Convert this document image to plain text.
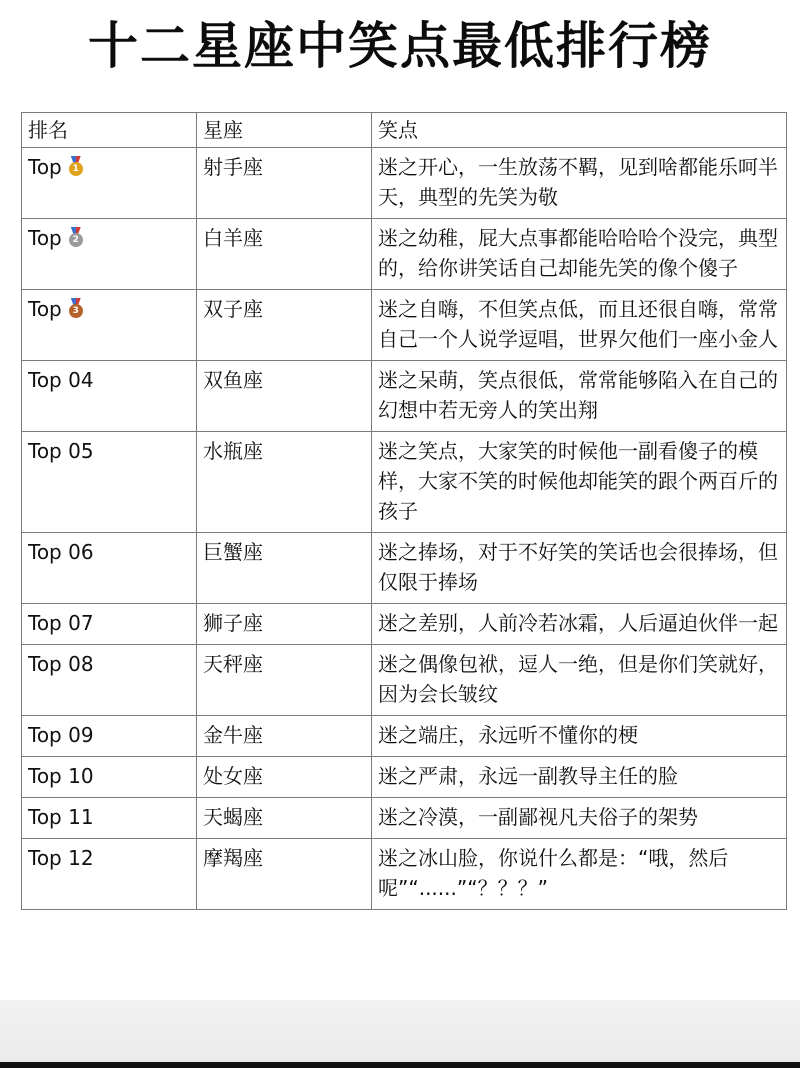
十二星座中笑点最低排行榜
排名	星座	笑点
Top 1	射手座	迷之开心，一生放荡不羁，见到啥都能乐呵半天，典型的先笑为敬
Top 2	白羊座	迷之幼稚，屁大点事都能哈哈哈个没完，典型的，给你讲笑话自己却能先笑的像个傻子
Top 3	双子座	迷之自嗨，不但笑点低，而且还很自嗨，常常自己一个人说学逗唱，世界欠他们一座小金人
Top 04	双鱼座	迷之呆萌，笑点很低，常常能够陷入在自己的幻想中若无旁人的笑出翔
Top 05	水瓶座	迷之笑点，大家笑的时候他一副看傻子的模样，大家不笑的时候他却能笑的跟个两百斤的孩子
Top 06	巨蟹座	迷之捧场，对于不好笑的笑话也会很捧场，但仅限于捧场
Top 07	狮子座	迷之差别，人前冷若冰霜，人后逼迫伙伴一起
Top 08	天秤座	迷之偶像包袱，逗人一绝，但是你们笑就好，因为会长皱纹
Top 09	金牛座	迷之端庄，永远听不懂你的梗
Top 10	处女座	迷之严肃，永远一副教导主任的脸
Top 11	天蝎座	迷之冷漠，一副鄙视凡夫俗子的架势
Top 12	摩羯座	迷之冰山脸，你说什么都是：“哦，然后呢”“......”“？？？”
